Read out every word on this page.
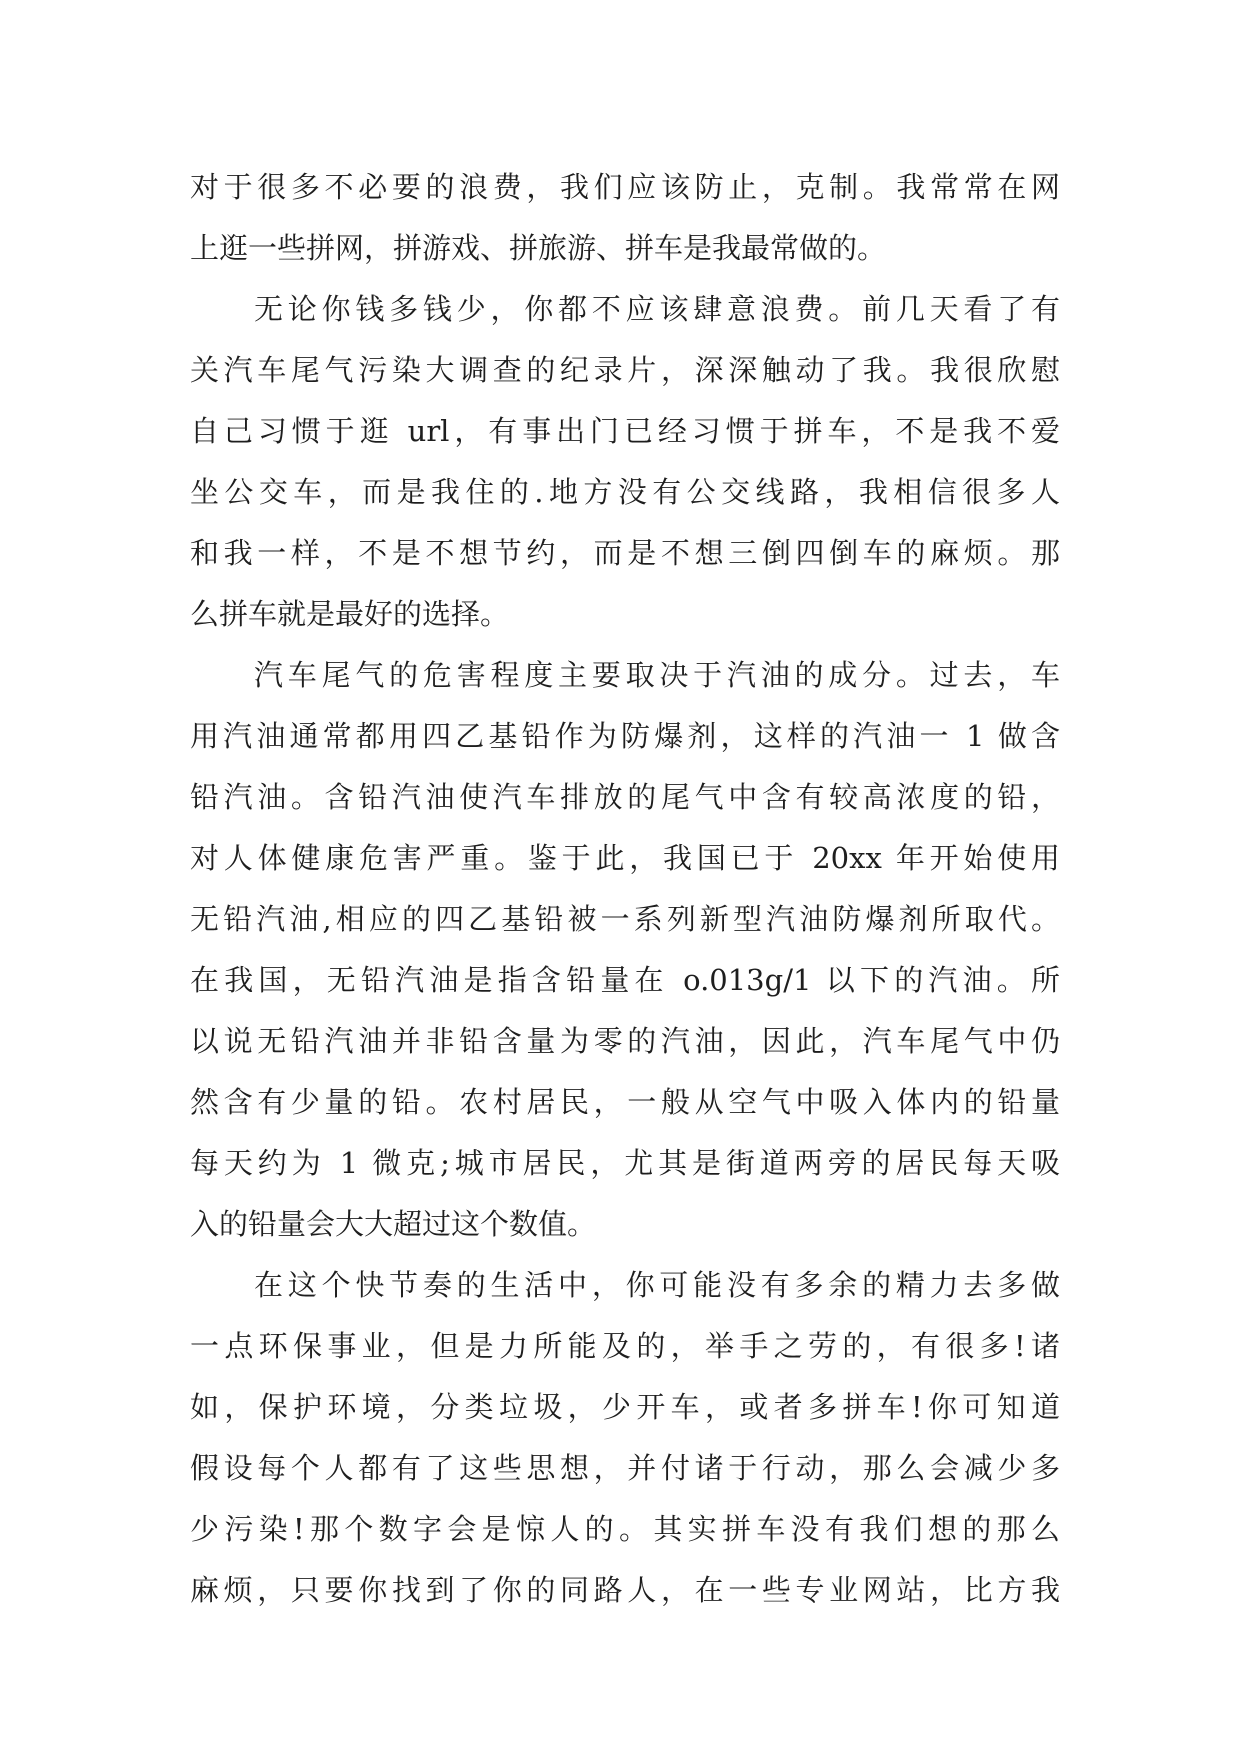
对于很多不必要的浪费，我们应该防止，克制。我常常在网
上逛一些拼网，拼游戏、拼旅游、拼车是我最常做的。
无论你钱多钱少，你都不应该肆意浪费。前几天看了有
关汽车尾气污染大调查的纪录片，深深触动了我。我很欣慰
自己习惯于逛 url，有事出门已经习惯于拼车，不是我不爱
坐公交车，而是我住的.地方没有公交线路，我相信很多人
和我一样，不是不想节约，而是不想三倒四倒车的麻烦。那
么拼车就是最好的选择。
汽车尾气的危害程度主要取决于汽油的成分。过去，车
用汽油通常都用四乙基铅作为防爆剂，这样的汽油一 1 做含
铅汽油。含铅汽油使汽车排放的尾气中含有较高浓度的铅，
对人体健康危害严重。鉴于此，我国已于 20xx 年开始使用
无铅汽油,相应的四乙基铅被一系列新型汽油防爆剂所取代。
在我国，无铅汽油是指含铅量在 o.013g/1 以下的汽油。所
以说无铅汽油并非铅含量为零的汽油，因此，汽车尾气中仍
然含有少量的铅。农村居民，一般从空气中吸入体内的铅量
每天约为 1 微克;城市居民，尤其是街道两旁的居民每天吸
入的铅量会大大超过这个数值。
在这个快节奏的生活中，你可能没有多余的精力去多做
一点环保事业，但是力所能及的，举手之劳的，有很多!诸
如，保护环境，分类垃圾，少开车，或者多拼车!你可知道
假设每个人都有了这些思想，并付诸于行动，那么会减少多
少污染!那个数字会是惊人的。其实拼车没有我们想的那么
麻烦，只要你找到了你的同路人，在一些专业网站，比方我
